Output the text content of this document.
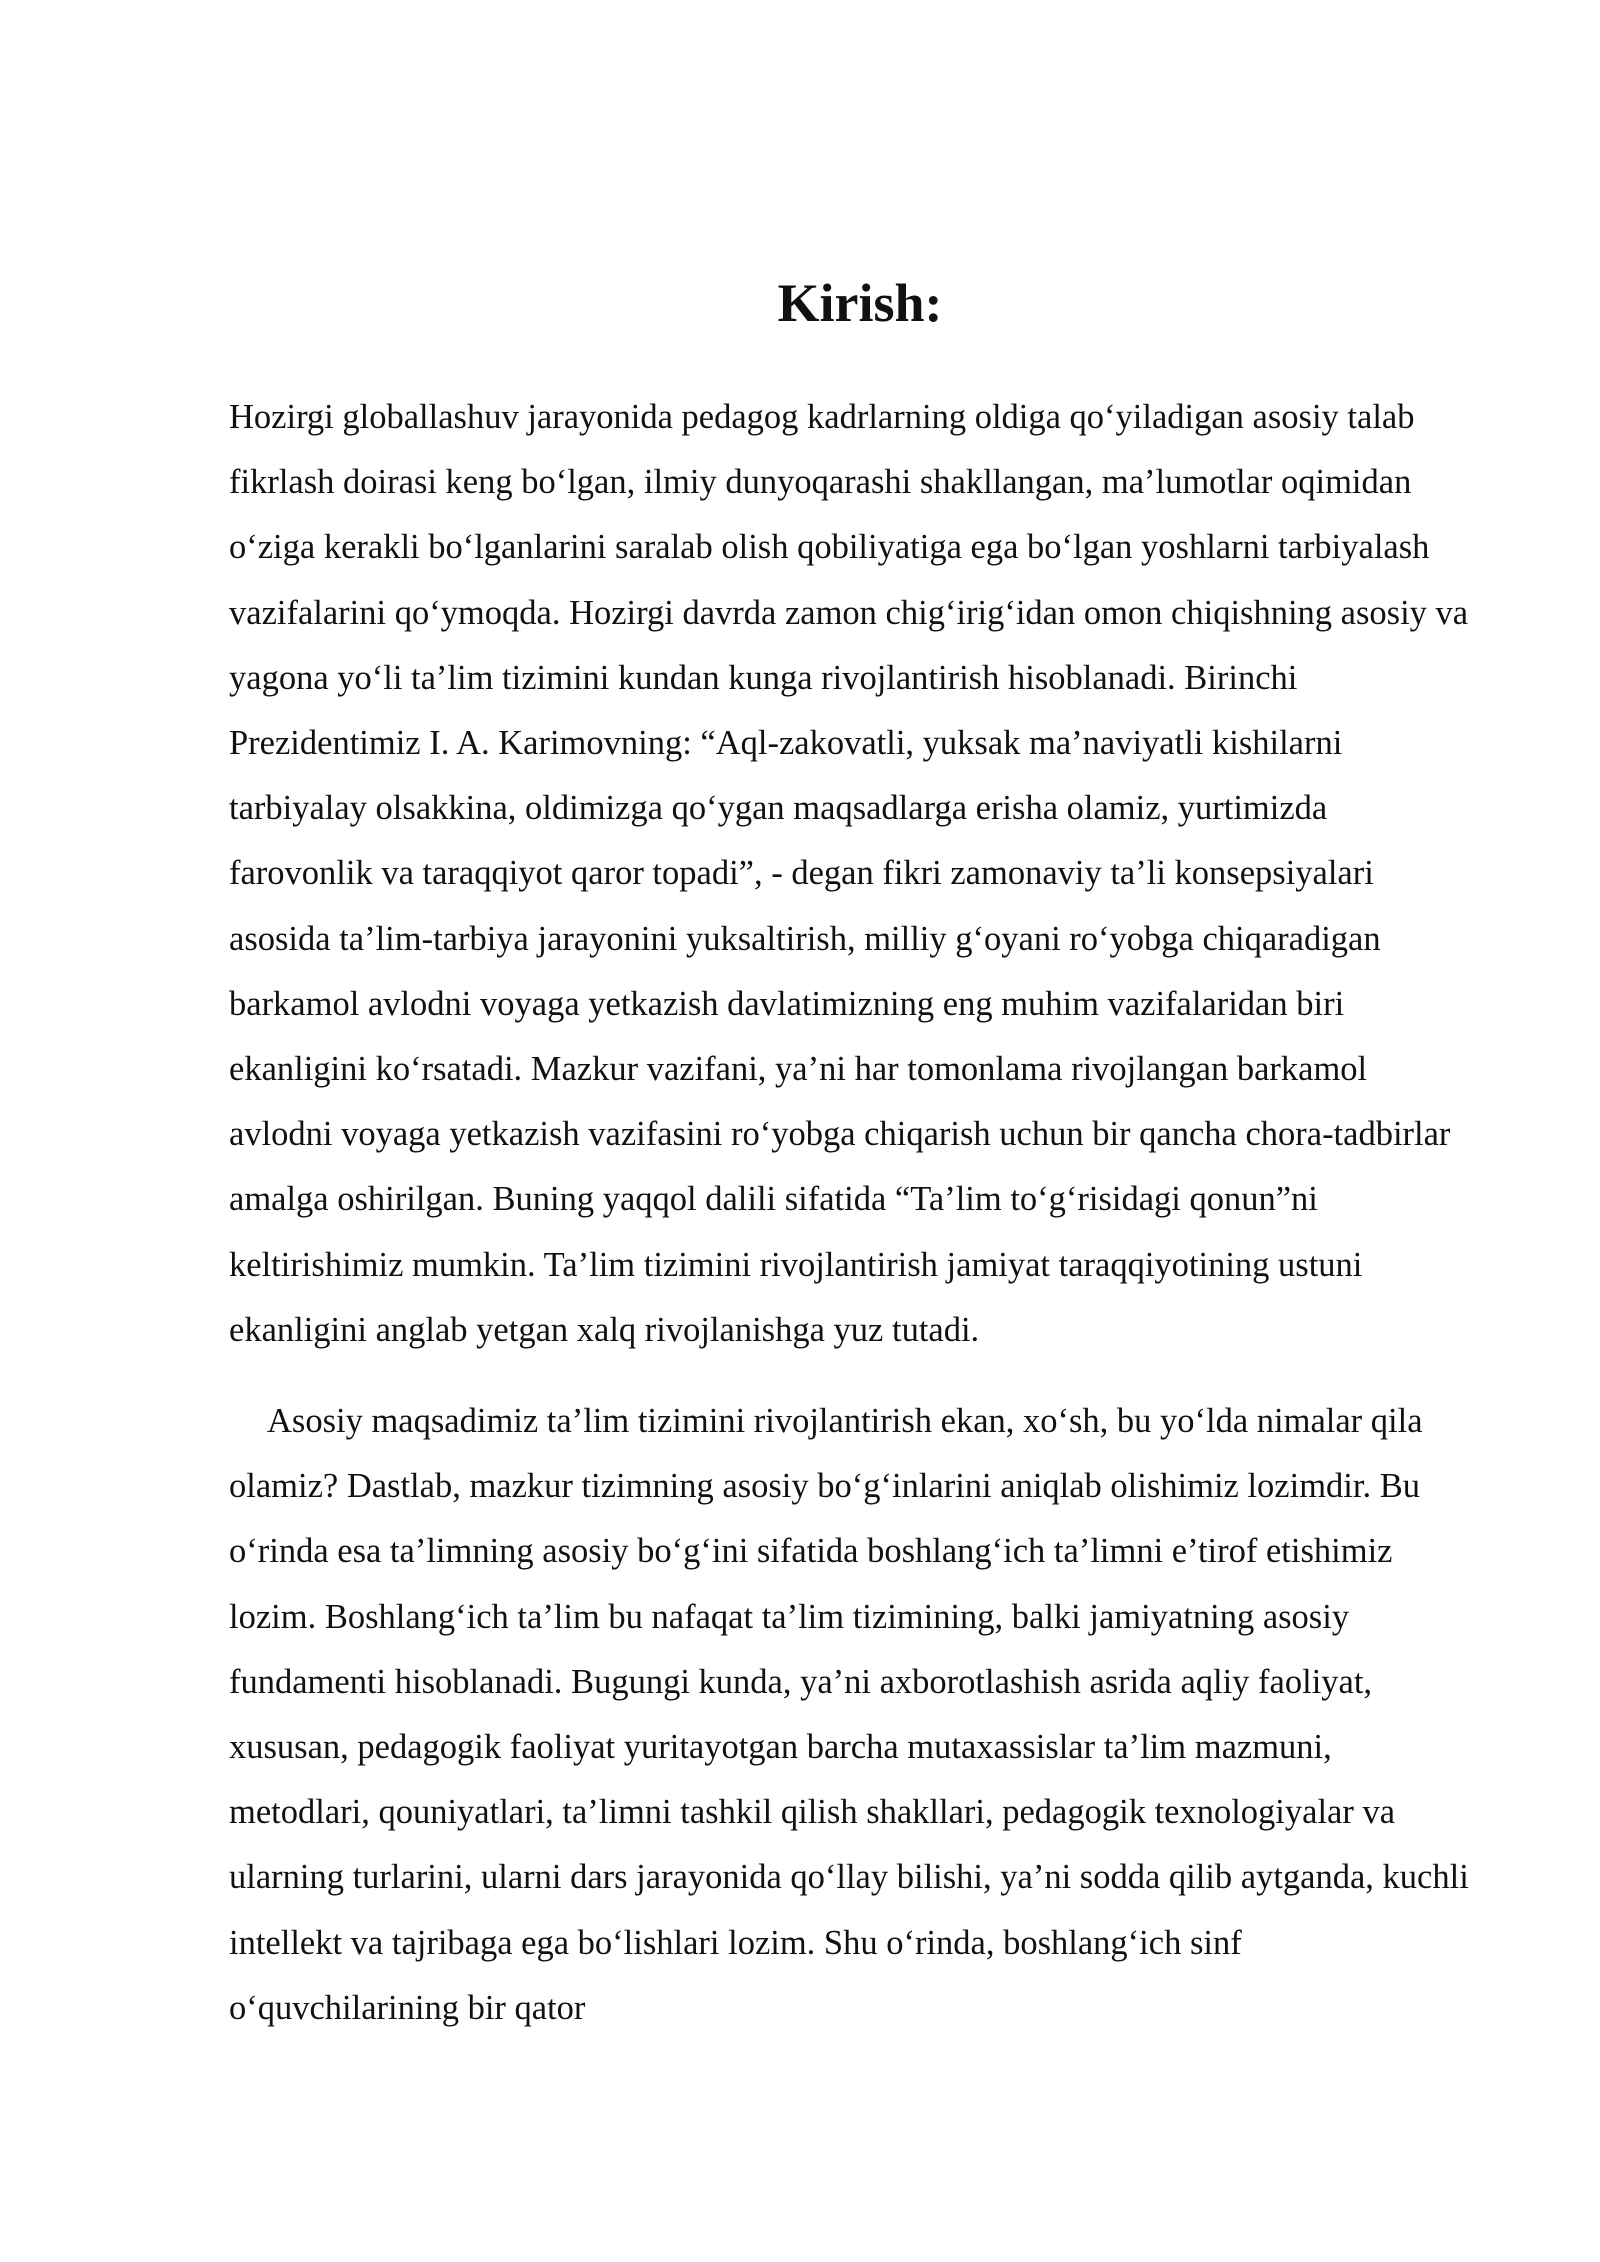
Kirish:

Hozirgi globallashuv jarayonida pedagog kadrlarning oldiga qo‘yiladigan asosiy talab fikrlash doirasi keng bo‘lgan, ilmiy dunyoqarashi shakllangan, ma’lumotlar oqimidan o‘ziga kerakli bo‘lganlarini saralab olish qobiliyatiga ega bo‘lgan yoshlarni tarbiyalash vazifalarini qo‘ymoqda. Hozirgi davrda zamon chig‘irig‘idan omon chiqishning asosiy va yagona yo‘li ta’lim tizimini kundan kunga rivojlantirish hisoblanadi. Birinchi Prezidentimiz I. A. Karimovning: “Aql-zakovatli, yuksak ma’naviyatli kishilarni tarbiyalay olsakkina, oldimizga qo‘ygan maqsadlarga erisha olamiz, yurtimizda farovonlik va taraqqiyot qaror topadi”, - degan fikri zamonaviy ta’li konsepsiyalari asosida ta’lim-tarbiya jarayonini yuksaltirish, milliy g‘oyani ro‘yobga chiqaradigan barkamol avlodni voyaga yetkazish davlatimizning eng muhim vazifalaridan biri ekanligini ko‘rsatadi. Mazkur vazifani, ya’ni har tomonlama rivojlangan barkamol avlodni voyaga yetkazish vazifasini ro‘yobga chiqarish uchun bir qancha chora-tadbirlar amalga oshirilgan. Buning yaqqol dalili sifatida “Ta’lim to‘g‘risidagi qonun”ni keltirishimiz mumkin. Ta’lim tizimini rivojlantirish jamiyat taraqqiyotining ustuni ekanligini anglab yetgan xalq rivojlanishga yuz tutadi.

Asosiy maqsadimiz ta’lim tizimini rivojlantirish ekan, xo‘sh, bu yo‘lda nimalar qila olamiz? Dastlab, mazkur tizimning asosiy bo‘g‘inlarini aniqlab olishimiz lozimdir. Bu o‘rinda esa ta’limning asosiy bo‘g‘ini sifatida boshlang‘ich ta’limni e’tirof etishimiz lozim. Boshlang‘ich ta’lim bu nafaqat ta’lim tizimining, balki jamiyatning asosiy fundamenti hisoblanadi. Bugungi kunda, ya’ni axborotlashish asrida aqliy faoliyat, xususan, pedagogik faoliyat yuritayotgan barcha mutaxassislar ta’lim mazmuni, metodlari, qouniyatlari, ta’limni tashkil qilish shakllari, pedagogik texnologiyalar va ularning turlarini, ularni dars jarayonida qo‘llay bilishi, ya’ni sodda qilib aytganda, kuchli intellekt va tajribaga ega bo‘lishlari lozim. Shu o‘rinda, boshlang‘ich sinf o‘quvchilarining bir qator
